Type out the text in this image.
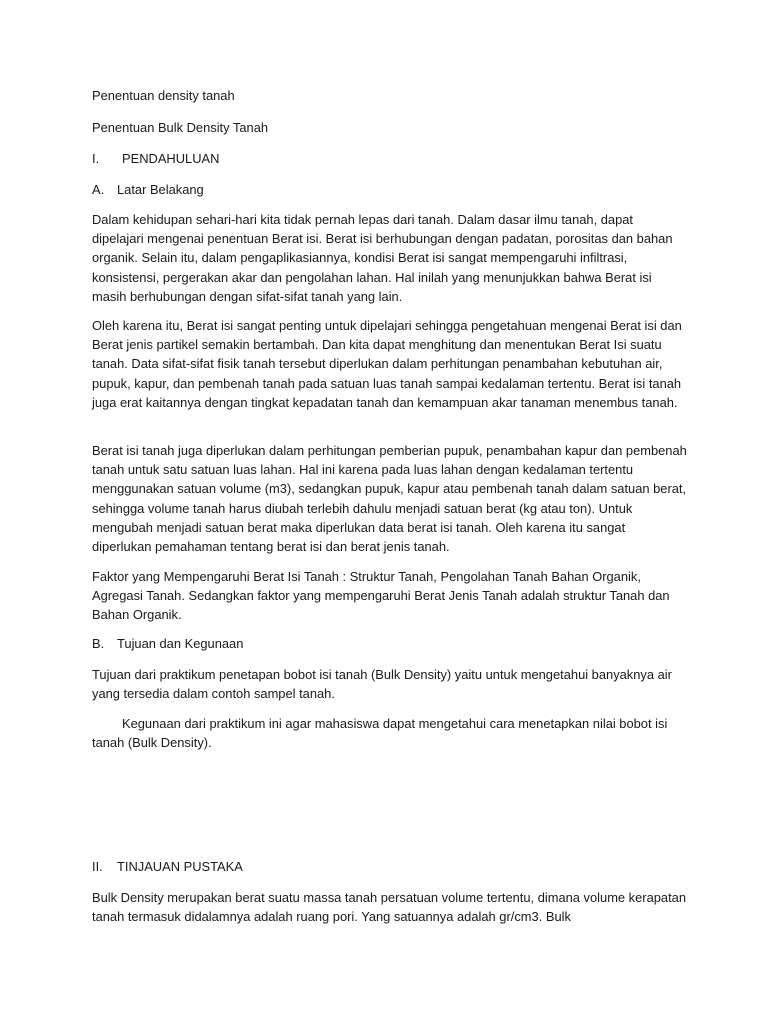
Penentuan density tanah
Penentuan Bulk Density Tanah
I. PENDAHULUAN
A. Latar Belakang
Dalam kehidupan sehari-hari kita tidak pernah lepas dari tanah. Dalam dasar ilmu tanah, dapat dipelajari mengenai penentuan Berat isi. Berat isi berhubungan dengan padatan, porositas dan bahan organik. Selain itu, dalam pengaplikasiannya, kondisi Berat isi sangat mempengaruhi infiltrasi, konsistensi, pergerakan akar dan pengolahan lahan. Hal inilah yang menunjukkan bahwa Berat isi masih berhubungan dengan sifat-sifat tanah yang lain.
Oleh karena itu, Berat isi sangat penting untuk dipelajari sehingga pengetahuan mengenai Berat isi dan Berat jenis partikel semakin bertambah. Dan kita dapat menghitung dan menentukan Berat Isi suatu tanah. Data sifat-sifat fisik tanah tersebut diperlukan dalam perhitungan penambahan kebutuhan air, pupuk, kapur, dan pembenah tanah pada satuan luas tanah sampai kedalaman tertentu. Berat isi tanah juga erat kaitannya dengan tingkat kepadatan tanah dan kemampuan akar tanaman menembus tanah.
Berat isi tanah juga diperlukan dalam perhitungan pemberian pupuk, penambahan kapur dan pembenah tanah untuk satu satuan luas lahan. Hal ini karena pada luas lahan dengan kedalaman tertentu menggunakan satuan volume (m3), sedangkan pupuk, kapur atau pembenah tanah dalam satuan berat, sehingga volume tanah harus diubah terlebih dahulu menjadi satuan berat (kg atau ton). Untuk mengubah menjadi satuan berat maka diperlukan data berat isi tanah. Oleh karena itu sangat diperlukan pemahaman tentang berat isi dan berat jenis tanah.
Faktor yang Mempengaruhi Berat Isi Tanah : Struktur Tanah, Pengolahan Tanah Bahan Organik, Agregasi Tanah. Sedangkan faktor yang mempengaruhi Berat Jenis Tanah adalah struktur Tanah dan Bahan Organik.
B. Tujuan dan Kegunaan
Tujuan dari praktikum penetapan bobot isi tanah (Bulk Density) yaitu untuk mengetahui banyaknya air yang tersedia dalam contoh sampel tanah.
Kegunaan dari praktikum ini agar mahasiswa dapat mengetahui cara menetapkan nilai bobot isi tanah (Bulk Density).
II. TINJAUAN PUSTAKA
Bulk Density merupakan berat suatu massa tanah persatuan volume tertentu, dimana volume kerapatan tanah termasuk didalamnya adalah ruang pori. Yang satuannya adalah gr/cm3. Bulk
